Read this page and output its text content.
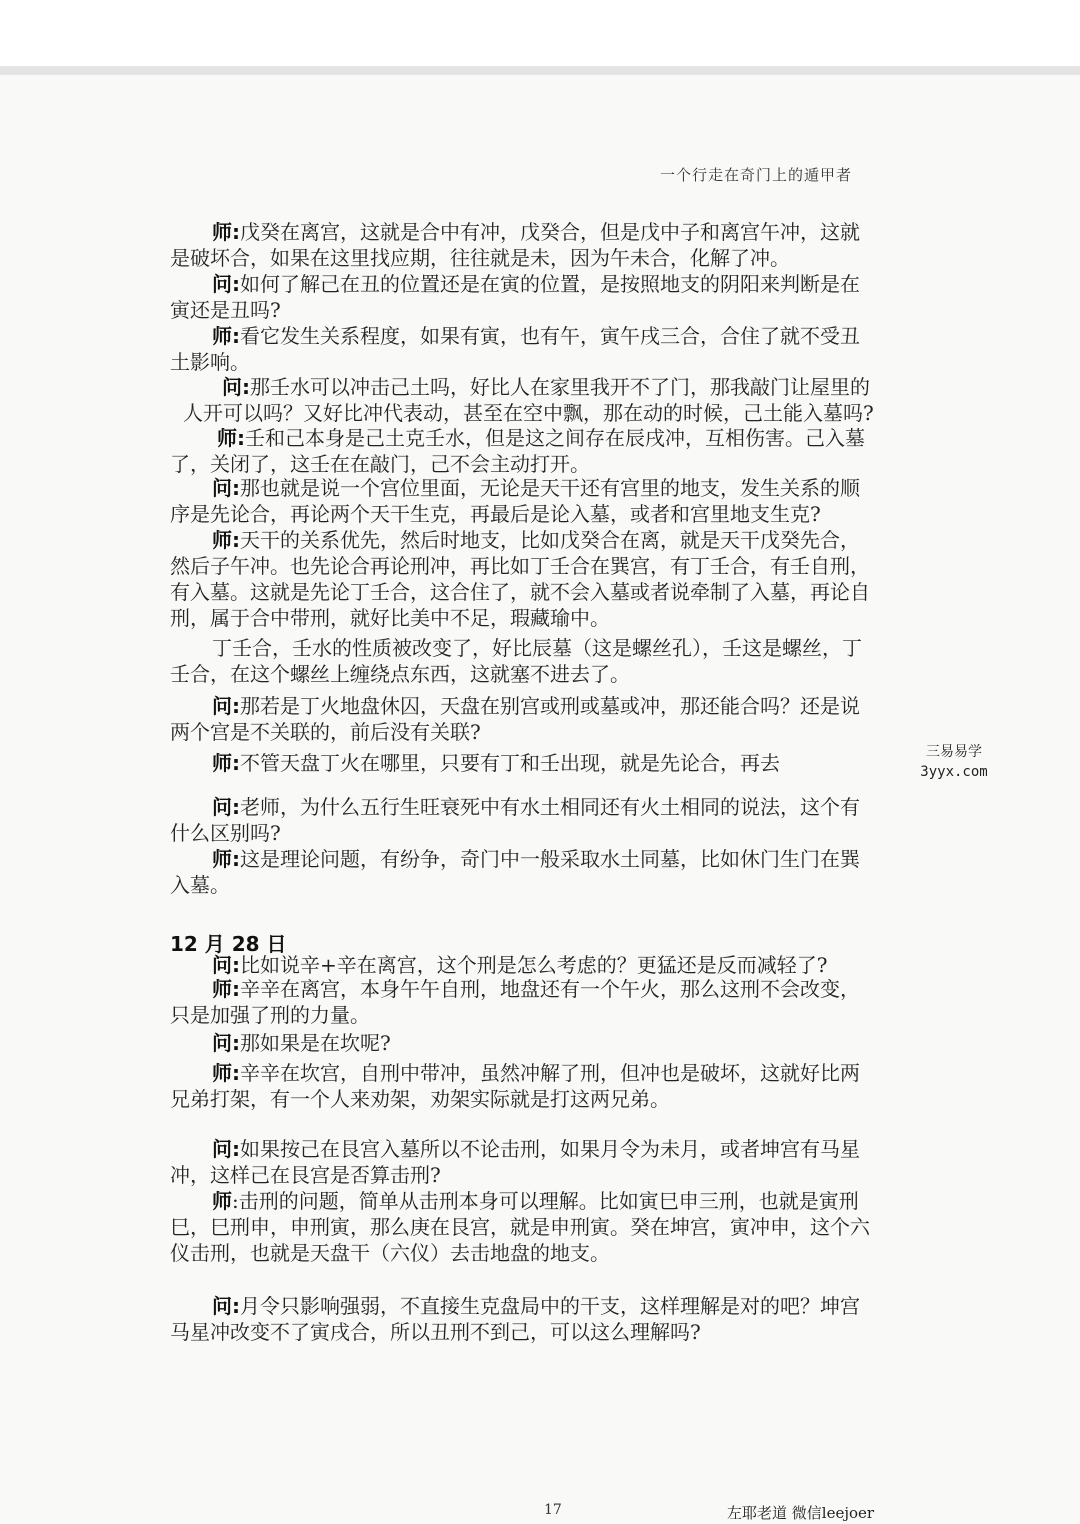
一个行走在奇门上的遁甲者
师:戊癸在离宫，这就是合中有冲，戊癸合，但是戊中子和离宫午冲，这就
是破坏合，如果在这里找应期，往往就是未，因为午未合，化解了冲。
问:如何了解己在丑的位置还是在寅的位置，是按照地支的阴阳来判断是在
寅还是丑吗?
师:看它发生关系程度，如果有寅，也有午，寅午戌三合，合住了就不受丑
土影响。
问:那壬水可以冲击己土吗，好比人在家里我开不了门，那我敲门让屋里的
人开可以吗？又好比冲代表动，甚至在空中飘，那在动的时候，己土能入墓吗?
师:壬和己本身是己土克壬水，但是这之间存在辰戌冲，互相伤害。己入墓
了，关闭了，这壬在在敲门，己不会主动打开。
问:那也就是说一个宫位里面，无论是天干还有宫里的地支，发生关系的顺
序是先论合，再论两个天干生克，再最后是论入墓，或者和宫里地支生克?
师:天干的关系优先，然后时地支，比如戊癸合在离，就是天干戊癸先合，
然后子午冲。也先论合再论刑冲，再比如丁壬合在巽宫，有丁壬合，有壬自刑，
有入墓。这就是先论丁壬合，这合住了，就不会入墓或者说牵制了入墓，再论自
刑，属于合中带刑，就好比美中不足，瑕藏瑜中。
丁壬合，壬水的性质被改变了，好比辰墓（这是螺丝孔），壬这是螺丝，丁
壬合，在这个螺丝上缠绕点东西，这就塞不进去了。
问:那若是丁火地盘休囚，天盘在别宫或刑或墓或冲，那还能合吗？还是说
两个宫是不关联的，前后没有关联?
师:不管天盘丁火在哪里，只要有丁和壬出现，就是先论合，再去
问:老师，为什么五行生旺衰死中有水土相同还有火土相同的说法，这个有
什么区别吗?
师:这是理论问题，有纷争，奇门中一般采取水土同墓，比如休门生门在巽
入墓。
问:比如说辛+辛在离宫，这个刑是怎么考虑的？更猛还是反而减轻了?
师:辛辛在离宫，本身午午自刑，地盘还有一个午火，那么这刑不会改变，
只是加强了刑的力量。
问:那如果是在坎呢?
师:辛辛在坎宫，自刑中带冲，虽然冲解了刑，但冲也是破坏，这就好比两
兄弟打架，有一个人来劝架，劝架实际就是打这两兄弟。
问:如果按己在艮宫入墓所以不论击刑，如果月令为未月，或者坤宫有马星
冲，这样己在艮宫是否算击刑?
师:击刑的问题，简单从击刑本身可以理解。比如寅巳申三刑，也就是寅刑
巳，巳刑申，申刑寅，那么庚在艮宫，就是申刑寅。癸在坤宫，寅冲申，这个六
仪击刑，也就是天盘干（六仪）去击地盘的地支。
问:月令只影响强弱，不直接生克盘局中的干支，这样理解是对的吧？坤宫
马星冲改变不了寅戌合，所以丑刑不到己，可以这么理解吗?
12 月 28 日
三易易学
3yyx.com
17	左耶老道 微信leejoer
